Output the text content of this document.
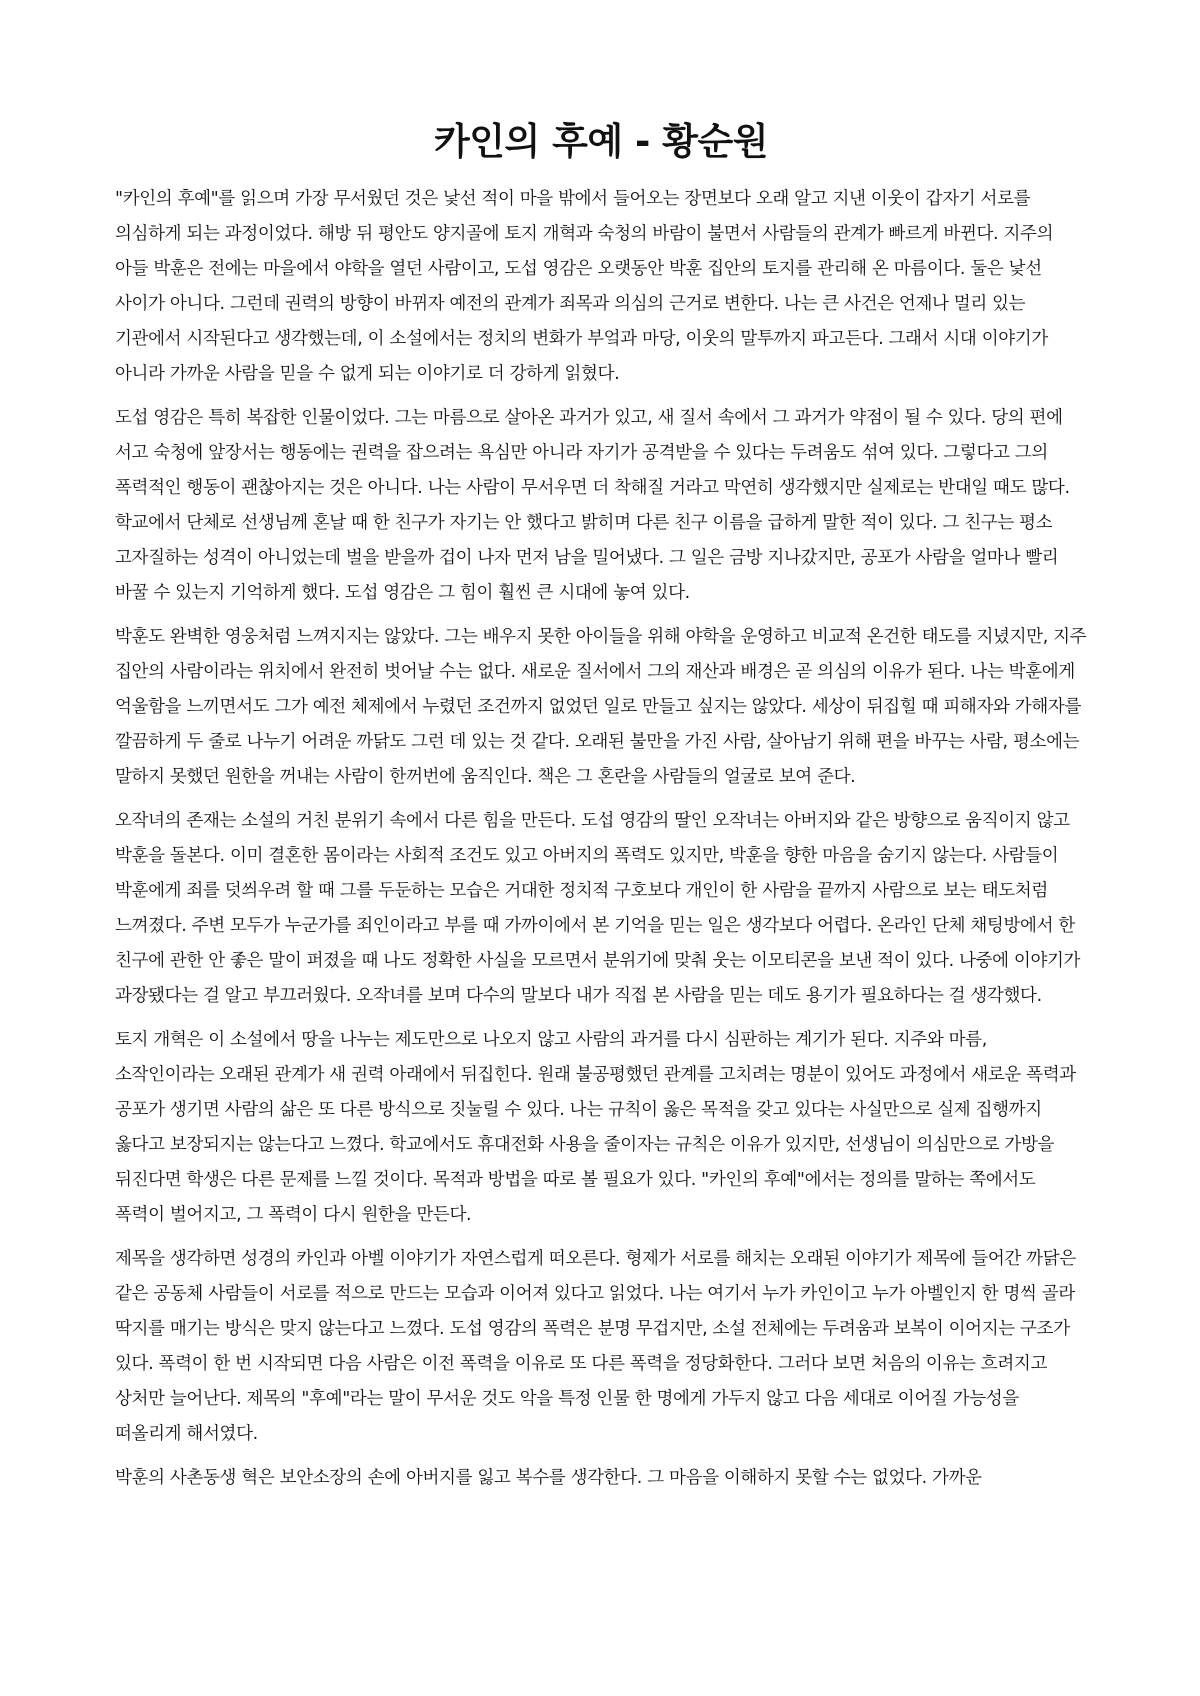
카인의 후예 - 황순원

"카인의 후예"를 읽으며 가장 무서웠던 것은 낯선 적이 마을 밖에서 들어오는 장면보다 오래 알고 지낸 이웃이 갑자기 서로를 의심하게 되는 과정이었다. 해방 뒤 평안도 양지골에 토지 개혁과 숙청의 바람이 불면서 사람들의 관계가 빠르게 바뀐다. 지주의 아들 박훈은 전에는 마을에서 야학을 열던 사람이고, 도섭 영감은 오랫동안 박훈 집안의 토지를 관리해 온 마름이다. 둘은 낯선 사이가 아니다. 그런데 권력의 방향이 바뀌자 예전의 관계가 죄목과 의심의 근거로 변한다. 나는 큰 사건은 언제나 멀리 있는 기관에서 시작된다고 생각했는데, 이 소설에서는 정치의 변화가 부엌과 마당, 이웃의 말투까지 파고든다. 그래서 시대 이야기가 아니라 가까운 사람을 믿을 수 없게 되는 이야기로 더 강하게 읽혔다.

도섭 영감은 특히 복잡한 인물이었다. 그는 마름으로 살아온 과거가 있고, 새 질서 속에서 그 과거가 약점이 될 수 있다. 당의 편에 서고 숙청에 앞장서는 행동에는 권력을 잡으려는 욕심만 아니라 자기가 공격받을 수 있다는 두려움도 섞여 있다. 그렇다고 그의 폭력적인 행동이 괜찮아지는 것은 아니다. 나는 사람이 무서우면 더 착해질 거라고 막연히 생각했지만 실제로는 반대일 때도 많다. 학교에서 단체로 선생님께 혼날 때 한 친구가 자기는 안 했다고 밝히며 다른 친구 이름을 급하게 말한 적이 있다. 그 친구는 평소 고자질하는 성격이 아니었는데 벌을 받을까 겁이 나자 먼저 남을 밀어냈다. 그 일은 금방 지나갔지만, 공포가 사람을 얼마나 빨리 바꿀 수 있는지 기억하게 했다. 도섭 영감은 그 힘이 훨씬 큰 시대에 놓여 있다.

박훈도 완벽한 영웅처럼 느껴지지는 않았다. 그는 배우지 못한 아이들을 위해 야학을 운영하고 비교적 온건한 태도를 지녔지만, 지주 집안의 사람이라는 위치에서 완전히 벗어날 수는 없다. 새로운 질서에서 그의 재산과 배경은 곧 의심의 이유가 된다. 나는 박훈에게 억울함을 느끼면서도 그가 예전 체제에서 누렸던 조건까지 없었던 일로 만들고 싶지는 않았다. 세상이 뒤집힐 때 피해자와 가해자를 깔끔하게 두 줄로 나누기 어려운 까닭도 그런 데 있는 것 같다. 오래된 불만을 가진 사람, 살아남기 위해 편을 바꾸는 사람, 평소에는 말하지 못했던 원한을 꺼내는 사람이 한꺼번에 움직인다. 책은 그 혼란을 사람들의 얼굴로 보여 준다.

오작녀의 존재는 소설의 거친 분위기 속에서 다른 힘을 만든다. 도섭 영감의 딸인 오작녀는 아버지와 같은 방향으로 움직이지 않고 박훈을 돌본다. 이미 결혼한 몸이라는 사회적 조건도 있고 아버지의 폭력도 있지만, 박훈을 향한 마음을 숨기지 않는다. 사람들이 박훈에게 죄를 덧씌우려 할 때 그를 두둔하는 모습은 거대한 정치적 구호보다 개인이 한 사람을 끝까지 사람으로 보는 태도처럼 느껴졌다. 주변 모두가 누군가를 죄인이라고 부를 때 가까이에서 본 기억을 믿는 일은 생각보다 어렵다. 온라인 단체 채팅방에서 한 친구에 관한 안 좋은 말이 퍼졌을 때 나도 정확한 사실을 모르면서 분위기에 맞춰 웃는 이모티콘을 보낸 적이 있다. 나중에 이야기가 과장됐다는 걸 알고 부끄러웠다. 오작녀를 보며 다수의 말보다 내가 직접 본 사람을 믿는 데도 용기가 필요하다는 걸 생각했다.

토지 개혁은 이 소설에서 땅을 나누는 제도만으로 나오지 않고 사람의 과거를 다시 심판하는 계기가 된다. 지주와 마름, 소작인이라는 오래된 관계가 새 권력 아래에서 뒤집힌다. 원래 불공평했던 관계를 고치려는 명분이 있어도 과정에서 새로운 폭력과 공포가 생기면 사람의 삶은 또 다른 방식으로 짓눌릴 수 있다. 나는 규칙이 옳은 목적을 갖고 있다는 사실만으로 실제 집행까지 옳다고 보장되지는 않는다고 느꼈다. 학교에서도 휴대전화 사용을 줄이자는 규칙은 이유가 있지만, 선생님이 의심만으로 가방을 뒤진다면 학생은 다른 문제를 느낄 것이다. 목적과 방법을 따로 볼 필요가 있다. "카인의 후예"에서는 정의를 말하는 쪽에서도 폭력이 벌어지고, 그 폭력이 다시 원한을 만든다.

제목을 생각하면 성경의 카인과 아벨 이야기가 자연스럽게 떠오른다. 형제가 서로를 해치는 오래된 이야기가 제목에 들어간 까닭은 같은 공동체 사람들이 서로를 적으로 만드는 모습과 이어져 있다고 읽었다. 나는 여기서 누가 카인이고 누가 아벨인지 한 명씩 골라 딱지를 매기는 방식은 맞지 않는다고 느꼈다. 도섭 영감의 폭력은 분명 무겁지만, 소설 전체에는 두려움과 보복이 이어지는 구조가 있다. 폭력이 한 번 시작되면 다음 사람은 이전 폭력을 이유로 또 다른 폭력을 정당화한다. 그러다 보면 처음의 이유는 흐려지고 상처만 늘어난다. 제목의 "후예"라는 말이 무서운 것도 악을 특정 인물 한 명에게 가두지 않고 다음 세대로 이어질 가능성을 떠올리게 해서였다.

박훈의 사촌동생 혁은 보안소장의 손에 아버지를 잃고 복수를 생각한다. 그 마음을 이해하지 못할 수는 없었다. 가까운
